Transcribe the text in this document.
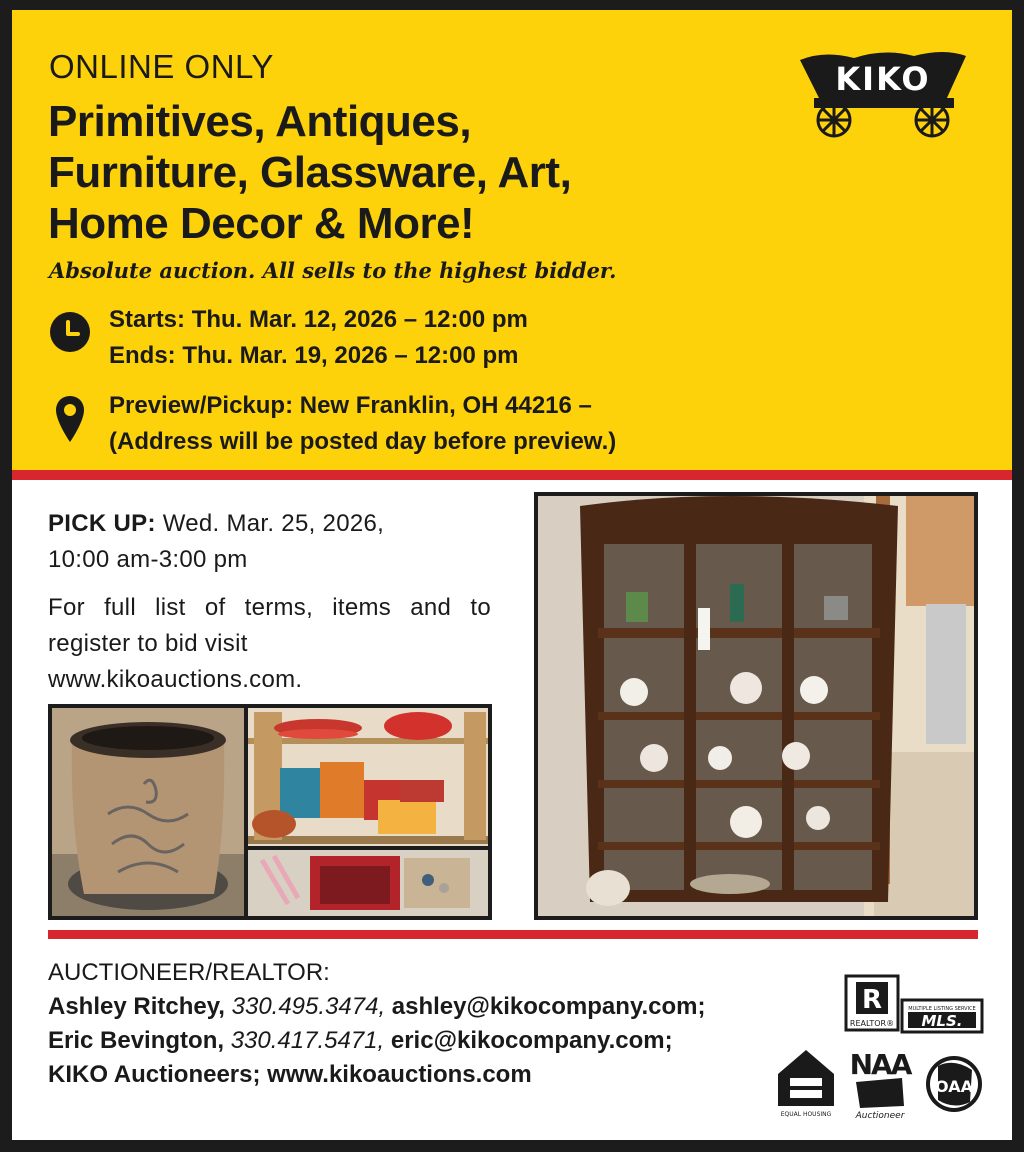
ONLINE ONLY
Primitives, Antiques,
Furniture, Glassware, Art,
Home Decor & More!
Absolute auction. All sells to the highest bidder.
Starts: Thu. Mar. 12, 2026 – 12:00 pm
Ends: Thu. Mar. 19, 2026 – 12:00 pm
Preview/Pickup: New Franklin, OH 44216 –
(Address will be posted day before preview.)
KIKO
PICK UP: Wed. Mar. 25, 2026,
10:00 am-3:00 pm
For full list of terms, items and to register to bid visit
www.kikoauctions.com.
AUCTIONEER/REALTOR:
Ashley Ritchey, 330.495.3474, ashley@kikocompany.com;
Eric Bevington, 330.417.5471, eric@kikocompany.com;
KIKO Auctioneers; www.kikoauctions.com
R
REALTOR®
MULTIPLE LISTING SERVICE
MLS.
EQUAL HOUSING
NAA
Auctioneer
OAA
